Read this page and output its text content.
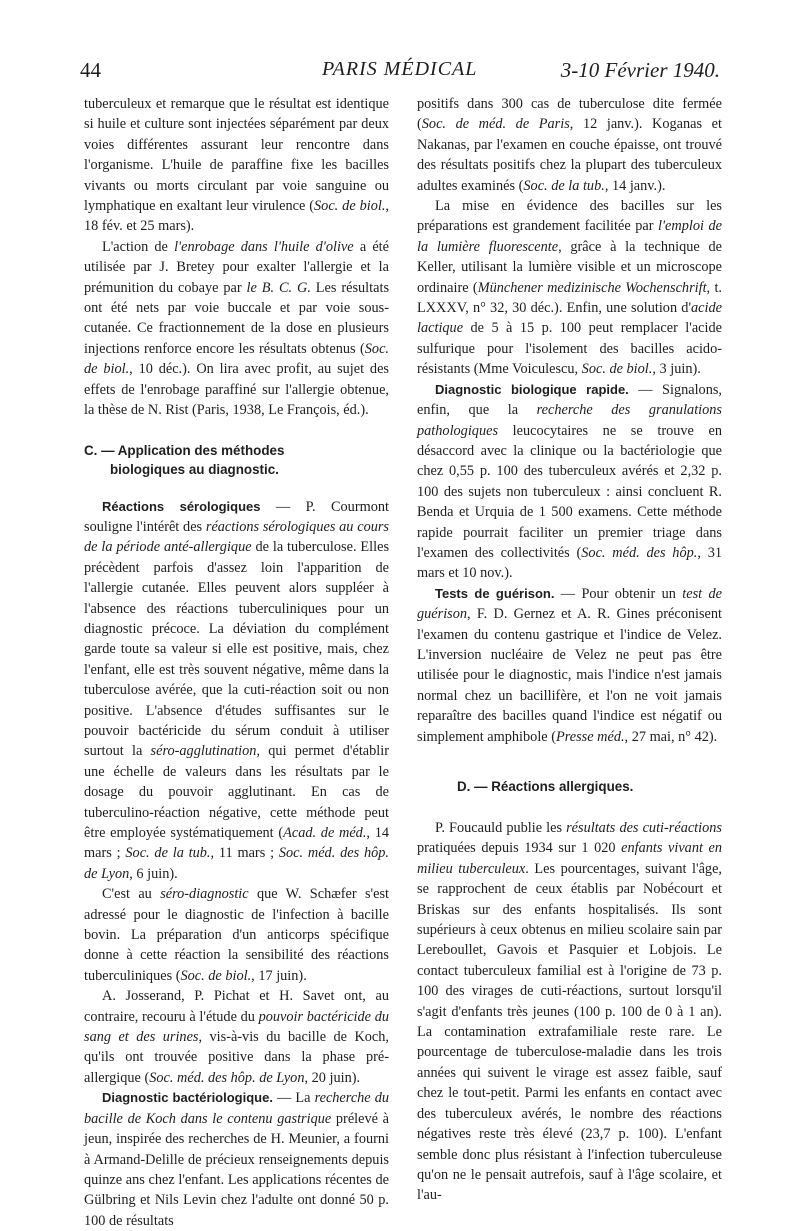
44	PARIS MÉDICAL	3-10 Février 1940.

tuberculeux et remarque que le résultat est identique si huile et culture sont injectées séparément par deux voies différentes assurant leur rencontre dans l'organisme. L'huile de paraffine fixe les bacilles vivants ou morts circulant par voie sanguine ou lymphatique en exaltant leur virulence (Soc. de biol., 18 fév. et 25 mars).

L'action de l'enrobage dans l'huile d'olive a été utilisée par J. Bretey pour exalter l'allergie et la prémunition du cobaye par le B. C. G. Les résultats ont été nets par voie buccale et par voie sous-cutanée. Ce fractionnement de la dose en plusieurs injections renforce encore les résultats obtenus (Soc. de biol., 10 déc.). On lira avec profit, au sujet des effets de l'enrobage paraffiné sur l'allergie obtenue, la thèse de N. Rist (Paris, 1938, Le François, éd.).

C. — Application des méthodes
biologiques au diagnostic.

Réactions sérologiques — P. Courmont souligne l'intérêt des réactions sérologiques au cours de la période anté-allergique de la tuberculose. Elles précèdent parfois d'assez loin l'apparition de l'allergie cutanée. Elles peuvent alors suppléer à l'absence des réactions tuberculiniques pour un diagnostic précoce. La déviation du complément garde toute sa valeur si elle est positive, mais, chez l'enfant, elle est très souvent négative, même dans la tuberculose avérée, que la cuti-réaction soit ou non positive. L'absence d'études suffisantes sur le pouvoir bactéricide du sérum conduit à utiliser surtout la séro-agglutination, qui permet d'établir une échelle de valeurs dans les résultats par le dosage du pouvoir agglutinant. En cas de tuberculino-réaction négative, cette méthode peut être employée systématiquement (Acad. de méd., 14 mars ; Soc. de la tub., 11 mars ; Soc. méd. des hôp. de Lyon, 6 juin).

C'est au séro-diagnostic que W. Schæfer s'est adressé pour le diagnostic de l'infection à bacille bovin. La préparation d'un anticorps spécifique donne à cette réaction la sensibilité des réactions tuberculiniques (Soc. de biol., 17 juin).

A. Josserand, P. Pichat et H. Savet ont, au contraire, recouru à l'étude du pouvoir bactéricide du sang et des urines, vis-à-vis du bacille de Koch, qu'ils ont trouvée positive dans la phase pré-allergique (Soc. méd. des hôp. de Lyon, 20 juin).

Diagnostic bactériologique. — La recherche du bacille de Koch dans le contenu gastrique prélevé à jeun, inspirée des recherches de H. Meunier, a fourni à Armand-Delille de précieux renseignements depuis quinze ans chez l'enfant. Les applications récentes de Gülbring et Nils Levin chez l'adulte ont donné 50 p. 100 de résultats

positifs dans 300 cas de tuberculose dite fermée (Soc. de méd. de Paris, 12 janv.). Koganas et Nakanas, par l'examen en couche épaisse, ont trouvé des résultats positifs chez la plupart des tuberculeux adultes examinés (Soc. de la tub., 14 janv.).

La mise en évidence des bacilles sur les préparations est grandement facilitée par l'emploi de la lumière fluorescente, grâce à la technique de Keller, utilisant la lumière visible et un microscope ordinaire (Münchener medizinische Wochenschrift, t. LXXXV, n° 32, 30 déc.). Enfin, une solution d'acide lactique de 5 à 15 p. 100 peut remplacer l'acide sulfurique pour l'isolement des bacilles acido-résistants (Mme Voiculescu, Soc. de biol., 3 juin).

Diagnostic biologique rapide. — Signalons, enfin, que la recherche des granulations pathologiques leucocytaires ne se trouve en désaccord avec la clinique ou la bactériologie que chez 0,55 p. 100 des tuberculeux avérés et 2,32 p. 100 des sujets non tuberculeux : ainsi concluent R. Benda et Urquia de 1 500 examens. Cette méthode rapide pourrait faciliter un premier triage dans l'examen des collectivités (Soc. méd. des hôp., 31 mars et 10 nov.).

Tests de guérison. — Pour obtenir un test de guérison, F. D. Gernez et A. R. Gines préconisent l'examen du contenu gastrique et l'indice de Velez. L'inversion nucléaire de Velez ne peut pas être utilisée pour le diagnostic, mais l'indice n'est jamais normal chez un bacillifère, et l'on ne voit jamais reparaître des bacilles quand l'indice est négatif ou simplement amphibole (Presse méd., 27 mai, n° 42).

D. — Réactions allergiques.

P. Foucauld publie les résultats des cuti-réactions pratiquées depuis 1934 sur 1 020 enfants vivant en milieu tuberculeux. Les pourcentages, suivant l'âge, se rapprochent de ceux établis par Nobécourt et Briskas sur des enfants hospitalisés. Ils sont supérieurs à ceux obtenus en milieu scolaire sain par Lereboullet, Gavois et Pasquier et Lobjois. Le contact tuberculeux familial est à l'origine de 73 p. 100 des virages de cuti-réactions, surtout lorsqu'il s'agit d'enfants très jeunes (100 p. 100 de 0 à 1 an). La contamination extrafamiliale reste rare. Le pourcentage de tuberculose-maladie dans les trois années qui suivent le virage est assez faible, sauf chez le tout-petit. Parmi les enfants en contact avec des tuberculeux avérés, le nombre des réactions négatives reste très élevé (23,7 p. 100). L'enfant semble donc plus résistant à l'infection tuberculeuse qu'on ne le pensait autrefois, sauf à l'âge scolaire, et l'au-
